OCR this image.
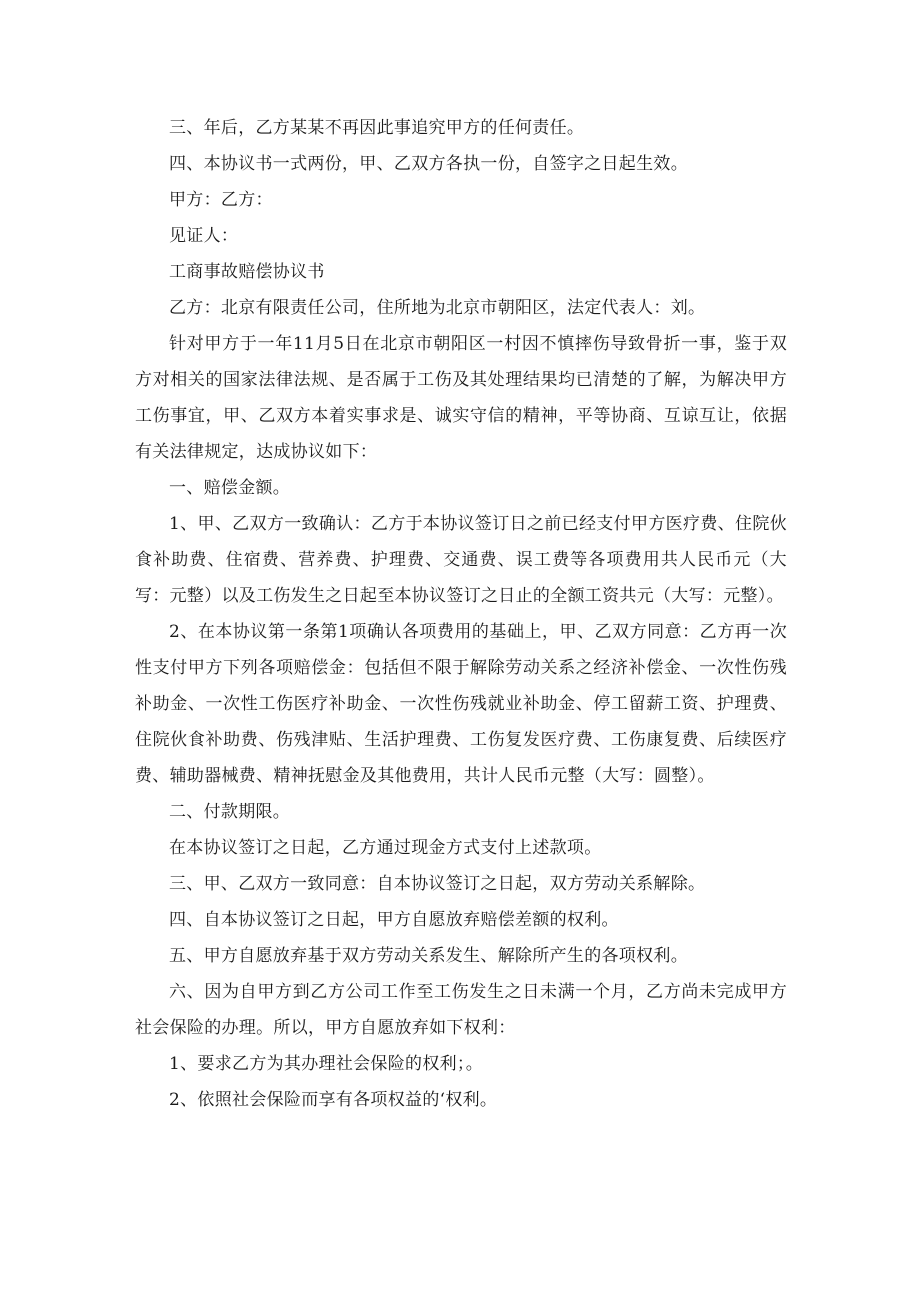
三、年后，乙方某某不再因此事追究甲方的任何责任。

四、本协议书一式两份，甲、乙双方各执一份，自签字之日起生效。

甲方：乙方：

见证人：

工商事故赔偿协议书

乙方：北京有限责任公司，住所地为北京市朝阳区，法定代表人：刘。

针对甲方于一年11月5日在北京市朝阳区一村因不慎摔伤导致骨折一事，鉴于双方对相关的国家法律法规、是否属于工伤及其处理结果均已清楚的了解，为解决甲方工伤事宜，甲、乙双方本着实事求是、诚实守信的精神，平等协商、互谅互让，依据有关法律规定，达成协议如下：

一、赔偿金额。

1、甲、乙双方一致确认：乙方于本协议签订日之前已经支付甲方医疗费、住院伙食补助费、住宿费、营养费、护理费、交通费、误工费等各项费用共人民币元（大写：元整）以及工伤发生之日起至本协议签订之日止的全额工资共元（大写：元整）。

2、在本协议第一条第1项确认各项费用的基础上，甲、乙双方同意：乙方再一次性支付甲方下列各项赔偿金：包括但不限于解除劳动关系之经济补偿金、一次性伤残补助金、一次性工伤医疗补助金、一次性伤残就业补助金、停工留薪工资、护理费、住院伙食补助费、伤残津贴、生活护理费、工伤复发医疗费、工伤康复费、后续医疗费、辅助器械费、精神抚慰金及其他费用，共计人民币元整（大写：圆整）。

二、付款期限。

在本协议签订之日起，乙方通过现金方式支付上述款项。

三、甲、乙双方一致同意：自本协议签订之日起，双方劳动关系解除。

四、自本协议签订之日起，甲方自愿放弃赔偿差额的权利。

五、甲方自愿放弃基于双方劳动关系发生、解除所产生的各项权利。

六、因为自甲方到乙方公司工作至工伤发生之日未满一个月，乙方尚未完成甲方社会保险的办理。所以，甲方自愿放弃如下权利：

1、要求乙方为其办理社会保险的权利；。

2、依照社会保险而享有各项权益的‘权利。
